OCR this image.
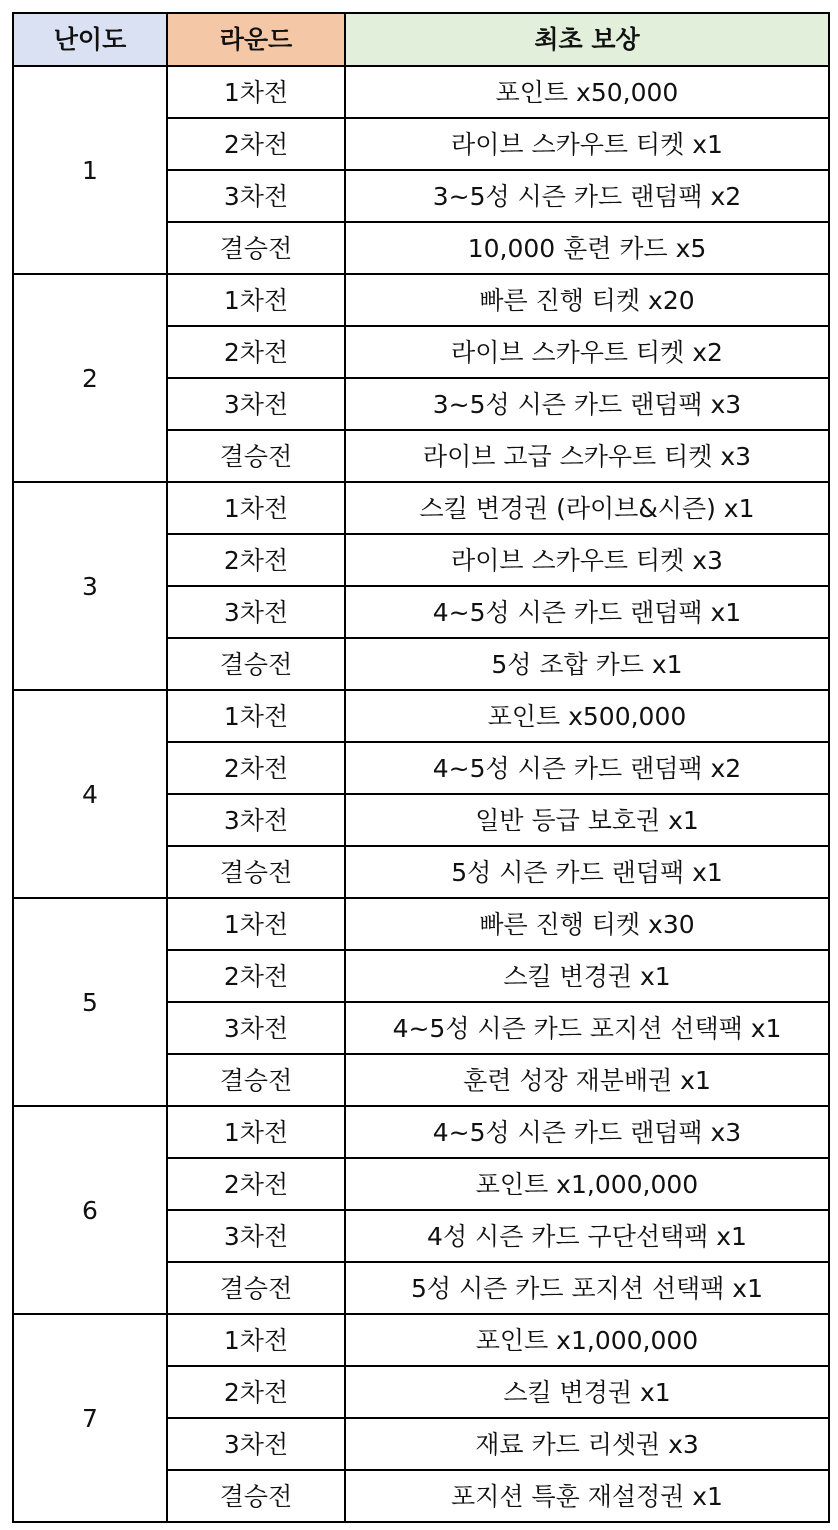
난이도	라운드	최초 보상
1	1차전	포인트 x50,000
	2차전	라이브 스카우트 티켓 x1
	3차전	3~5성 시즌 카드 랜덤팩 x2
	결승전	10,000 훈련 카드 x5
2	1차전	빠른 진행 티켓 x20
	2차전	라이브 스카우트 티켓 x2
	3차전	3~5성 시즌 카드 랜덤팩 x3
	결승전	라이브 고급 스카우트 티켓 x3
3	1차전	스킬 변경권 (라이브&시즌) x1
	2차전	라이브 스카우트 티켓 x3
	3차전	4~5성 시즌 카드 랜덤팩 x1
	결승전	5성 조합 카드 x1
4	1차전	포인트 x500,000
	2차전	4~5성 시즌 카드 랜덤팩 x2
	3차전	일반 등급 보호권 x1
	결승전	5성 시즌 카드 랜덤팩 x1
5	1차전	빠른 진행 티켓 x30
	2차전	스킬 변경권 x1
	3차전	4~5성 시즌 카드 포지션 선택팩 x1
	결승전	훈련 성장 재분배권 x1
6	1차전	4~5성 시즌 카드 랜덤팩 x3
	2차전	포인트 x1,000,000
	3차전	4성 시즌 카드 구단선택팩 x1
	결승전	5성 시즌 카드 포지션 선택팩 x1
7	1차전	포인트 x1,000,000
	2차전	스킬 변경권 x1
	3차전	재료 카드 리셋권 x3
	결승전	포지션 특훈 재설정권 x1
